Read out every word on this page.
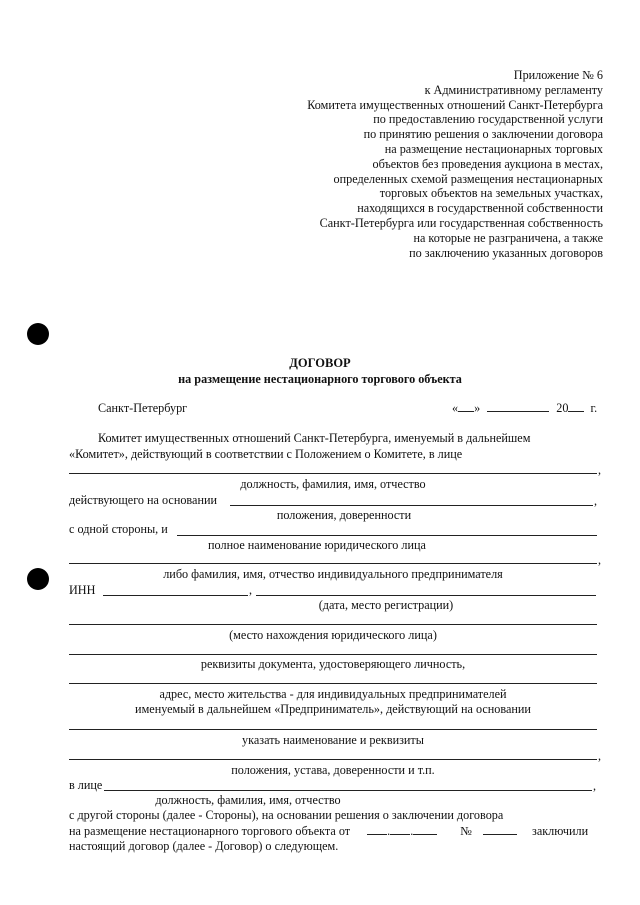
Приложение № 6
к Административному регламенту
Комитета имущественных отношений Санкт-Петербурга
по предоставлению государственной услуги
по принятию решения о заключении договора
на размещение нестационарных торговых
объектов без проведения аукциона в местах,
определенных схемой размещения нестационарных
торговых объектов на земельных участках,
находящихся в государственной собственности
Санкт-Петербурга или государственная собственность
на которые не разграничена, а также
по заключению указанных договоров
ДОГОВОР
на размещение нестационарного торгового объекта
Санкт-Петербург	« »	20 г.
Комитет имущественных отношений Санкт-Петербурга, именуемый в дальнейшем
«Комитет», действующий в соответствии с Положением о Комитете, в лице
,
должность, фамилия, имя, отчество
действующего на основании	,
положения, доверенности
с одной стороны, и
полное наименование юридического лица
,
либо фамилия, имя, отчество индивидуального предпринимателя
ИНН	,
(дата, место регистрации)
(место нахождения юридического лица)
реквизиты документа, удостоверяющего личность,
адрес, место жительства - для индивидуальных предпринимателей
именуемый в дальнейшем «Предприниматель», действующий на основании
указать наименование и реквизиты
,
положения, устава, доверенности и т.п.
в лице	,
должность, фамилия, имя, отчество
с другой стороны (далее - Стороны), на основании решения о заключении договора
на размещение нестационарного торгового объекта от	. .	№	заключили
настоящий договор (далее - Договор) о следующем.
